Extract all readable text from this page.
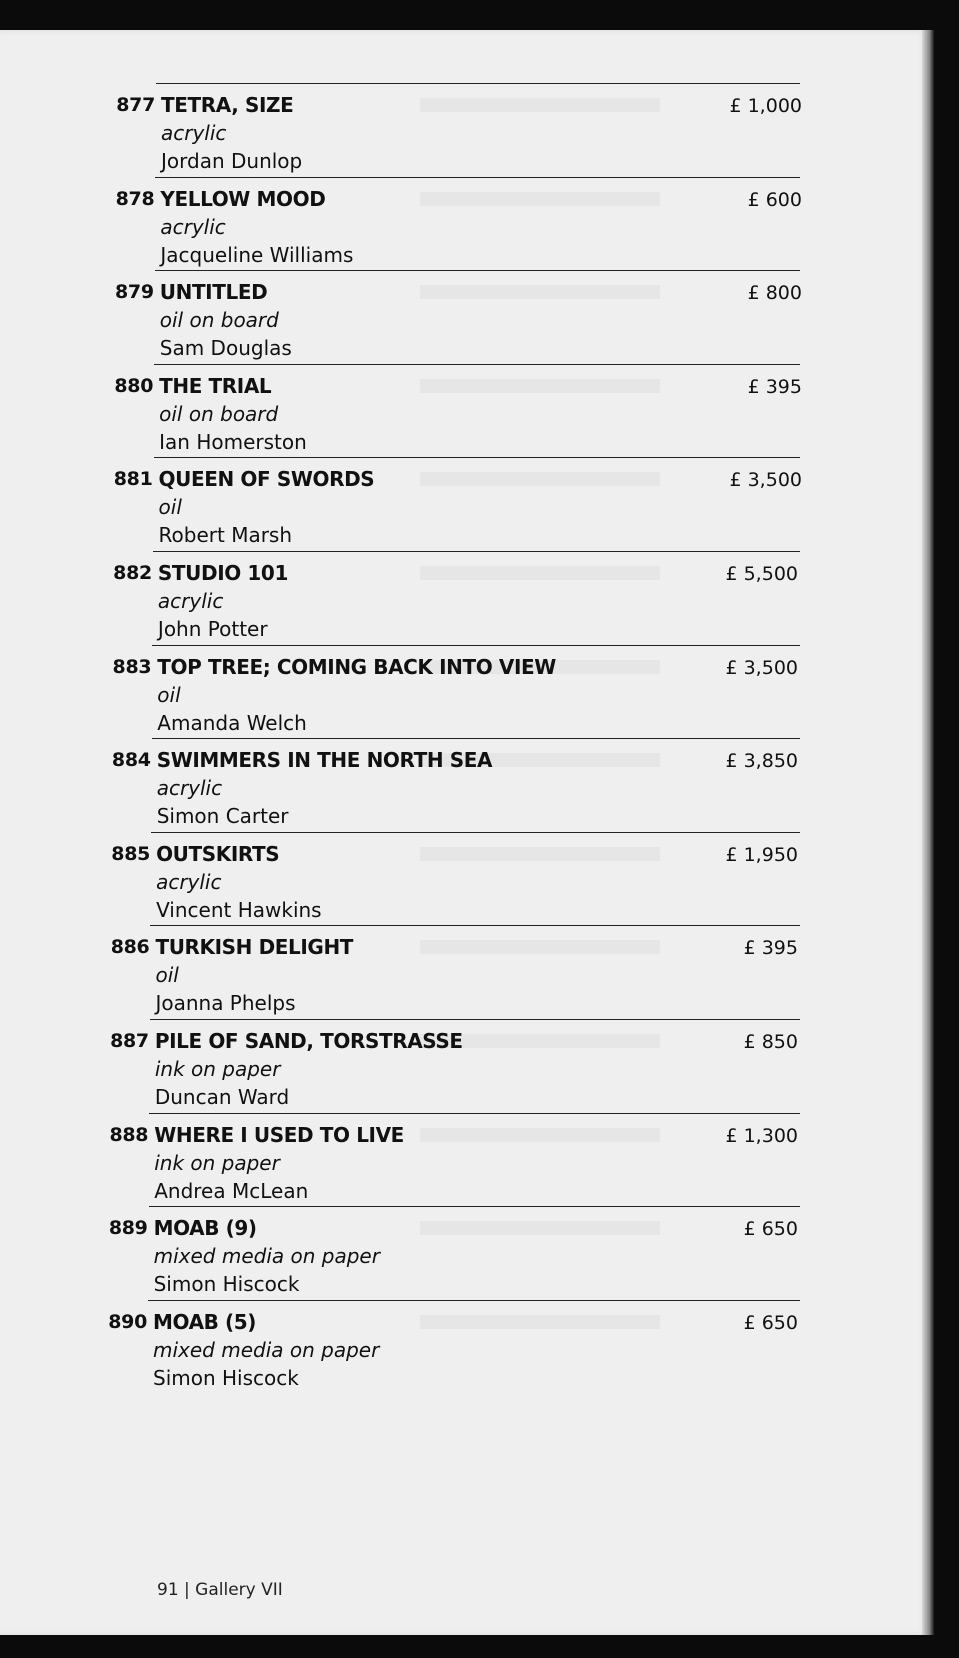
877 TETRA, SIZE
acrylic
Jordan Dunlop
£ 1,000
878 YELLOW MOOD
acrylic
Jacqueline Williams
£ 600
879 UNTITLED
oil on board
Sam Douglas
£ 800
880 THE TRIAL
oil on board
Ian Homerston
£ 395
881 QUEEN OF SWORDS
oil
Robert Marsh
£ 3,500
882 STUDIO 101
acrylic
John Potter
£ 5,500
883 TOP TREE; COMING BACK INTO VIEW
oil
Amanda Welch
£ 3,500
884 SWIMMERS IN THE NORTH SEA
acrylic
Simon Carter
£ 3,850
885 OUTSKIRTS
acrylic
Vincent Hawkins
£ 1,950
886 TURKISH DELIGHT
oil
Joanna Phelps
£ 395
887 PILE OF SAND, TORSTRASSE
ink on paper
Duncan Ward
£ 850
888 WHERE I USED TO LIVE
ink on paper
Andrea McLean
£ 1,300
889 MOAB (9)
mixed media on paper
Simon Hiscock
£ 650
890 MOAB (5)
mixed media on paper
Simon Hiscock
£ 650
91 | Gallery VII
